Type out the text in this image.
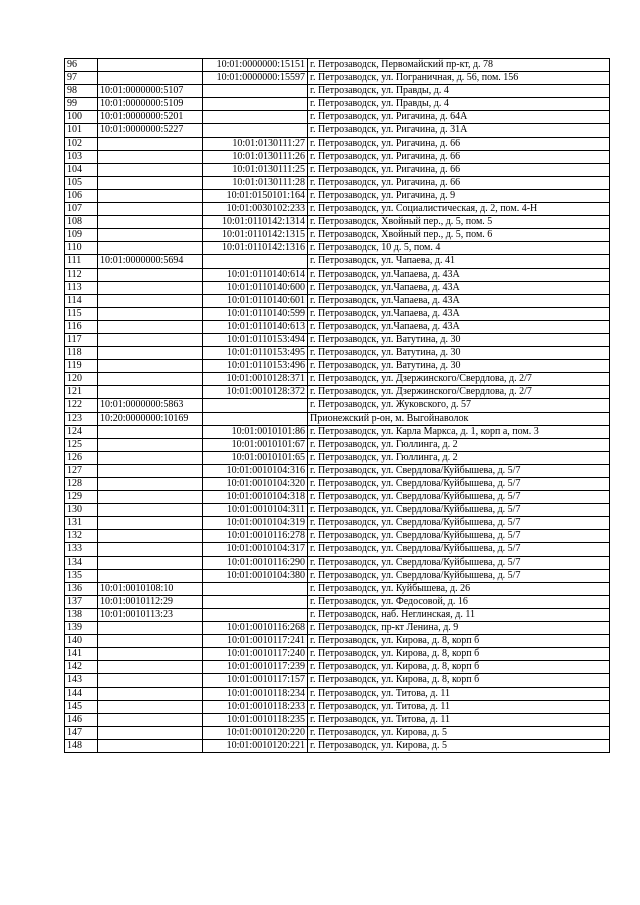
96		10:01:0000000:15151	г. Петрозаводск, Первомайский пр-кт, д. 78
97		10:01:0000000:15597	г. Петрозаводск, ул. Пограничная, д. 56, пом. 156
98	10:01:0000000:5107		г. Петрозаводск, ул. Правды, д. 4
99	10:01:0000000:5109		г. Петрозаводск, ул. Правды, д. 4
100	10:01:0000000:5201		г. Петрозаводск, ул. Ригачина, д. 64А
101	10:01:0000000:5227		г. Петрозаводск, ул. Ригачина, д. 31А
102		10:01:0130111:27	г. Петрозаводск, ул. Ригачина, д. 66
103		10:01:0130111:26	г. Петрозаводск, ул. Ригачина, д. 66
104		10:01:0130111:25	г. Петрозаводск, ул. Ригачина, д. 66
105		10:01:0130111:28	г. Петрозаводск, ул. Ригачина, д. 66
106		10:01:0150101:164	г. Петрозаводск, ул. Ригачина, д. 9
107		10:01:0030102:233	г. Петрозаводск, ул. Социалистическая, д. 2, пом. 4-Н
108		10:01:0110142:1314	г. Петрозаводск, Хвойный пер., д. 5, пом. 5
109		10:01:0110142:1315	г. Петрозаводск, Хвойный пер., д. 5, пом. 6
110		10:01:0110142:1316	г. Петрозаводск, 10 д. 5, пом. 4
111	10:01:0000000:5694		г. Петрозаводск, ул. Чапаева, д. 41
112		10:01:0110140:614	г. Петрозаводск, ул.Чапаева, д. 43А
113		10:01:0110140:600	г. Петрозаводск, ул.Чапаева, д. 43А
114		10:01:0110140:601	г. Петрозаводск, ул.Чапаева, д. 43А
115		10:01:0110140:599	г. Петрозаводск, ул.Чапаева, д. 43А
116		10:01:0110140:613	г. Петрозаводск, ул.Чапаева, д. 43А
117		10:01:0110153:494	г. Петрозаводск, ул. Ватутина, д. 30
118		10:01:0110153:495	г. Петрозаводск, ул. Ватутина, д. 30
119		10:01:0110153:496	г. Петрозаводск, ул. Ватутина, д. 30
120		10:01:0010128:371	г. Петрозаводск, ул. Дзержинского/Свердлова, д. 2/7
121		10:01:0010128:372	г. Петрозаводск, ул. Дзержинского/Свердлова, д. 2/7
122	10:01:0000000:5863		г. Петрозаводск, ул. Жуковского, д. 57
123	10:20:0000000:10169		Прионежский р-он, м. Выгойнаволок
124		10:01:0010101:86	г. Петрозаводск, ул. Карла Маркса, д. 1, корп а, пом. 3
125		10:01:0010101:67	г. Петрозаводск, ул. Гюллинга, д. 2
126		10:01:0010101:65	г. Петрозаводск, ул. Гюллинга, д. 2
127		10:01:0010104:316	г. Петрозаводск, ул. Свердлова/Куйбышева, д. 5/7
128		10:01:0010104:320	г. Петрозаводск, ул. Свердлова/Куйбышева, д. 5/7
129		10:01:0010104:318	г. Петрозаводск, ул. Свердлова/Куйбышева, д. 5/7
130		10:01:0010104:311	г. Петрозаводск, ул. Свердлова/Куйбышева, д. 5/7
131		10:01:0010104:319	г. Петрозаводск, ул. Свердлова/Куйбышева, д. 5/7
132		10:01:0010116:278	г. Петрозаводск, ул. Свердлова/Куйбышева, д. 5/7
133		10:01:0010104:317	г. Петрозаводск, ул. Свердлова/Куйбышева, д. 5/7
134		10:01:0010116:290	г. Петрозаводск, ул. Свердлова/Куйбышева, д. 5/7
135		10:01:0010104:380	г. Петрозаводск, ул. Свердлова/Куйбышева, д. 5/7
136	10:01:0010108:10		г. Петрозаводск, ул. Куйбышева, д. 26
137	10:01:0010112:29		г. Петрозаводск, ул. Федосовой, д. 16
138	10:01:0010113:23		г. Петрозаводск, наб. Неглинская, д. 11
139		10:01:0010116:268	г. Петрозаводск, пр-кт Ленина, д. 9
140		10:01:0010117:241	г. Петрозаводск, ул. Кирова, д. 8, корп б
141		10:01:0010117:240	г. Петрозаводск, ул. Кирова, д. 8, корп б
142		10:01:0010117:239	г. Петрозаводск, ул. Кирова, д. 8, корп б
143		10:01:0010117:157	г. Петрозаводск, ул. Кирова, д. 8, корп б
144		10:01:0010118:234	г. Петрозаводск, ул. Титова, д. 11
145		10:01:0010118:233	г. Петрозаводск, ул. Титова, д. 11
146		10:01:0010118:235	г. Петрозаводск, ул. Титова, д. 11
147		10:01:0010120:220	г. Петрозаводск, ул. Кирова, д. 5
148		10:01:0010120:221	г. Петрозаводск, ул. Кирова, д. 5
